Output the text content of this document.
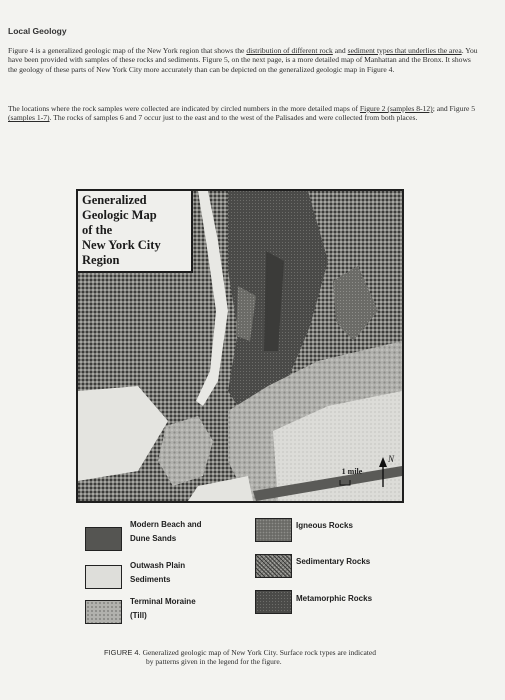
Local Geology
Figure 4 is a generalized geologic map of the New York region that shows the distribution of different rock and sediment types that underlies the area. You have been provided with samples of these rocks and sediments. Figure 5, on the next page, is a more detailed map of Manhattan and the Bronx. It shows the geology of these parts of New York City more accurately than can be depicted on the generalized geologic map in Figure 4.
The locations where the rock samples were collected are indicated by circled numbers in the more detailed maps of Figure 2 (samples 8-12); and Figure 5 (samples 1-7). The rocks of samples 6 and 7 occur just to the east and to the west of the Palisades and were collected from both places.
Generalized
Geologic Map
of the
New York City
Region
N
1 mile
Modern Beach and
Dune Sands
Outwash Plain
Sediments
Terminal Moraine
(Till)
Igneous Rocks
Sedimentary Rocks
Metamorphic Rocks
FIGURE 4. Generalized geologic map of New York City. Surface rock types are indicated
by patterns given in the legend for the figure.
